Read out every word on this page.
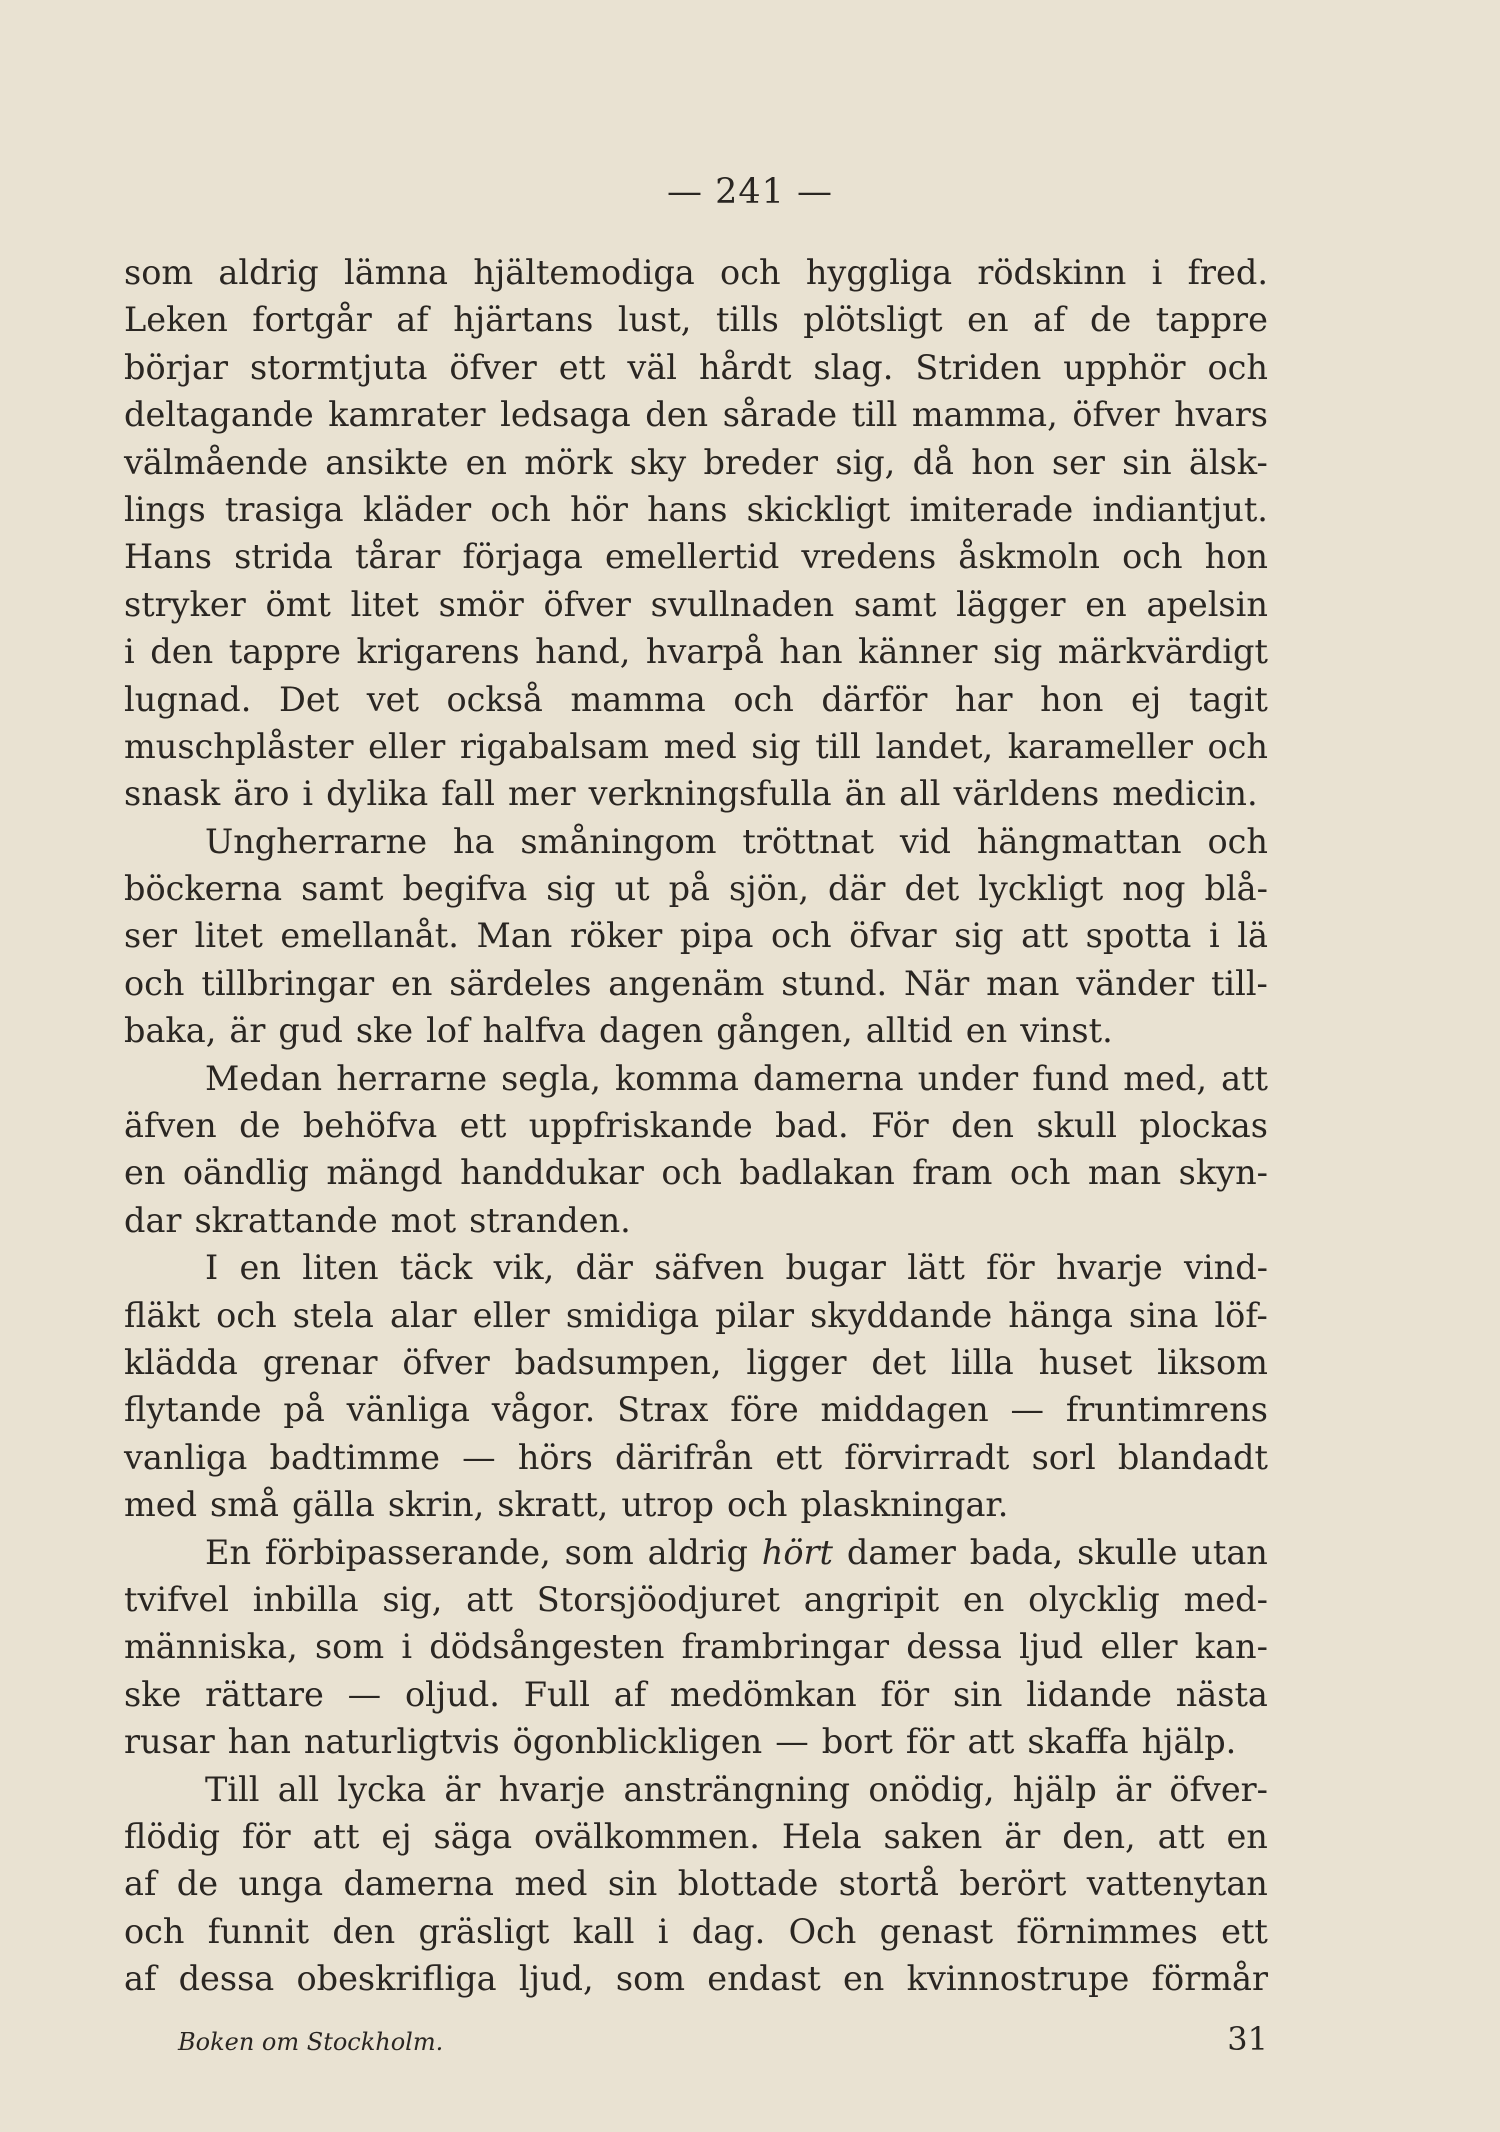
— 241 —
som aldrig lämna hjältemodiga och hyggliga rödskinn i fred.
Leken fortgår af hjärtans lust, tills plötsligt en af de tappre
börjar stormtjuta öfver ett väl hårdt slag. Striden upphör och
deltagande kamrater ledsaga den sårade till mamma, öfver hvars
välmående ansikte en mörk sky breder sig, då hon ser sin älsk-
lings trasiga kläder och hör hans skickligt imiterade indiantjut.
Hans strida tårar förjaga emellertid vredens åskmoln och hon
stryker ömt litet smör öfver svullnaden samt lägger en apelsin
i den tappre krigarens hand, hvarpå han känner sig märkvärdigt
lugnad. Det vet också mamma och därför har hon ej tagit
muschplåster eller rigabalsam med sig till landet, karameller och
snask äro i dylika fall mer verkningsfulla än all världens medicin.
Ungherrarne ha småningom tröttnat vid hängmattan och
böckerna samt begifva sig ut på sjön, där det lyckligt nog blå-
ser litet emellanåt. Man röker pipa och öfvar sig att spotta i lä
och tillbringar en särdeles angenäm stund. När man vänder till-
baka, är gud ske lof halfva dagen gången, alltid en vinst.
Medan herrarne segla, komma damerna under fund med, att
äfven de behöfva ett uppfriskande bad. För den skull plockas
en oändlig mängd handdukar och badlakan fram och man skyn-
dar skrattande mot stranden.
I en liten täck vik, där säfven bugar lätt för hvarje vind-
fläkt och stela alar eller smidiga pilar skyddande hänga sina löf-
klädda grenar öfver badsumpen, ligger det lilla huset liksom
flytande på vänliga vågor. Strax före middagen — fruntimrens
vanliga badtimme — hörs därifrån ett förvirradt sorl blandadt
med små gälla skrin, skratt, utrop och plaskningar.
En förbipasserande, som aldrig hört damer bada, skulle utan
tvifvel inbilla sig, att Storsjöodjuret angripit en olycklig med-
människa, som i dödsångesten frambringar dessa ljud eller kan-
ske rättare — oljud. Full af medömkan för sin lidande nästa
rusar han naturligtvis ögonblickligen — bort för att skaffa hjälp.
Till all lycka är hvarje ansträngning onödig, hjälp är öfver-
flödig för att ej säga ovälkommen. Hela saken är den, att en
af de unga damerna med sin blottade stortå berört vattenytan
och funnit den gräsligt kall i dag. Och genast förnimmes ett
af dessa obeskrifliga ljud, som endast en kvinnostrupe förmår
Boken om Stockholm.	31
